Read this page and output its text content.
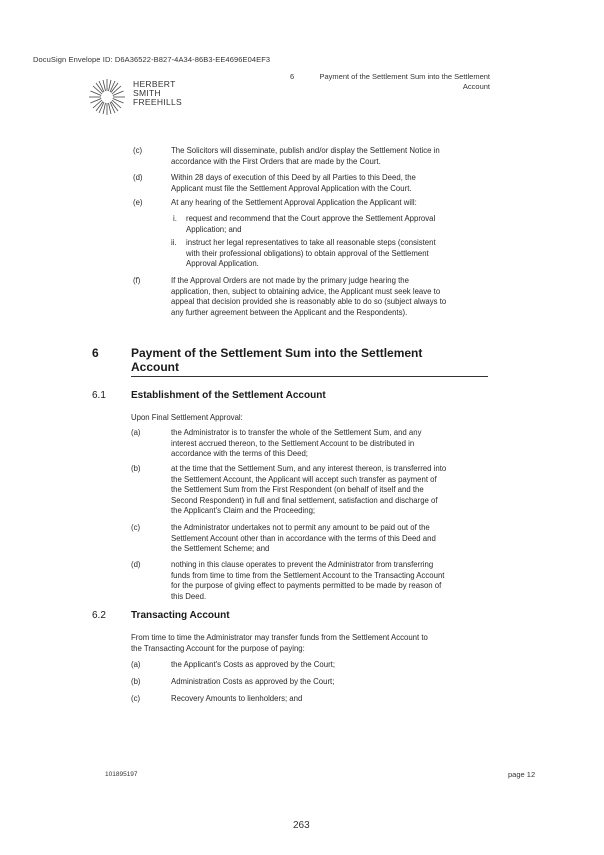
DocuSign Envelope ID: D6A36522-B827-4A34-86B3-EE4696E04EF3
HERBERT
SMITH
FREEHILLS
6	Payment of the Settlement Sum into the Settlement Account
(c)	The Solicitors will disseminate, publish and/or display the Settlement Notice in
accordance with the First Orders that are made by the Court.
(d)	Within 28 days of execution of this Deed by all Parties to this Deed, the
Applicant must file the Settlement Approval Application with the Court.
(e)	At any hearing of the Settlement Approval Application the Applicant will:
i. request and recommend that the Court approve the Settlement Approval
Application; and
ii. instruct her legal representatives to take all reasonable steps (consistent
with their professional obligations) to obtain approval of the Settlement
Approval Application.
(f)	If the Approval Orders are not made by the primary judge hearing the
application, then, subject to obtaining advice, the Applicant must seek leave to
appeal that decision provided she is reasonably able to do so (subject always to
any further agreement between the Applicant and the Respondents).
6	Payment of the Settlement Sum into the Settlement
Account
6.1	Establishment of the Settlement Account
Upon Final Settlement Approval:
(a)	the Administrator is to transfer the whole of the Settlement Sum, and any
interest accrued thereon, to the Settlement Account to be distributed in
accordance with the terms of this Deed;
(b)	at the time that the Settlement Sum, and any interest thereon, is transferred into
the Settlement Account, the Applicant will accept such transfer as payment of
the Settlement Sum from the First Respondent (on behalf of itself and the
Second Respondent) in full and final settlement, satisfaction and discharge of
the Applicant's Claim and the Proceeding;
(c)	the Administrator undertakes not to permit any amount to be paid out of the
Settlement Account other than in accordance with the terms of this Deed and
the Settlement Scheme; and
(d)	nothing in this clause operates to prevent the Administrator from transferring
funds from time to time from the Settlement Account to the Transacting Account
for the purpose of giving effect to payments permitted to be made by reason of
this Deed.
6.2	Transacting Account
From time to time the Administrator may transfer funds from the Settlement Account to
the Transacting Account for the purpose of paying:
(a)	the Applicant's Costs as approved by the Court;
(b)	Administration Costs as approved by the Court;
(c)	Recovery Amounts to lienholders; and
101895197	page 12
263
